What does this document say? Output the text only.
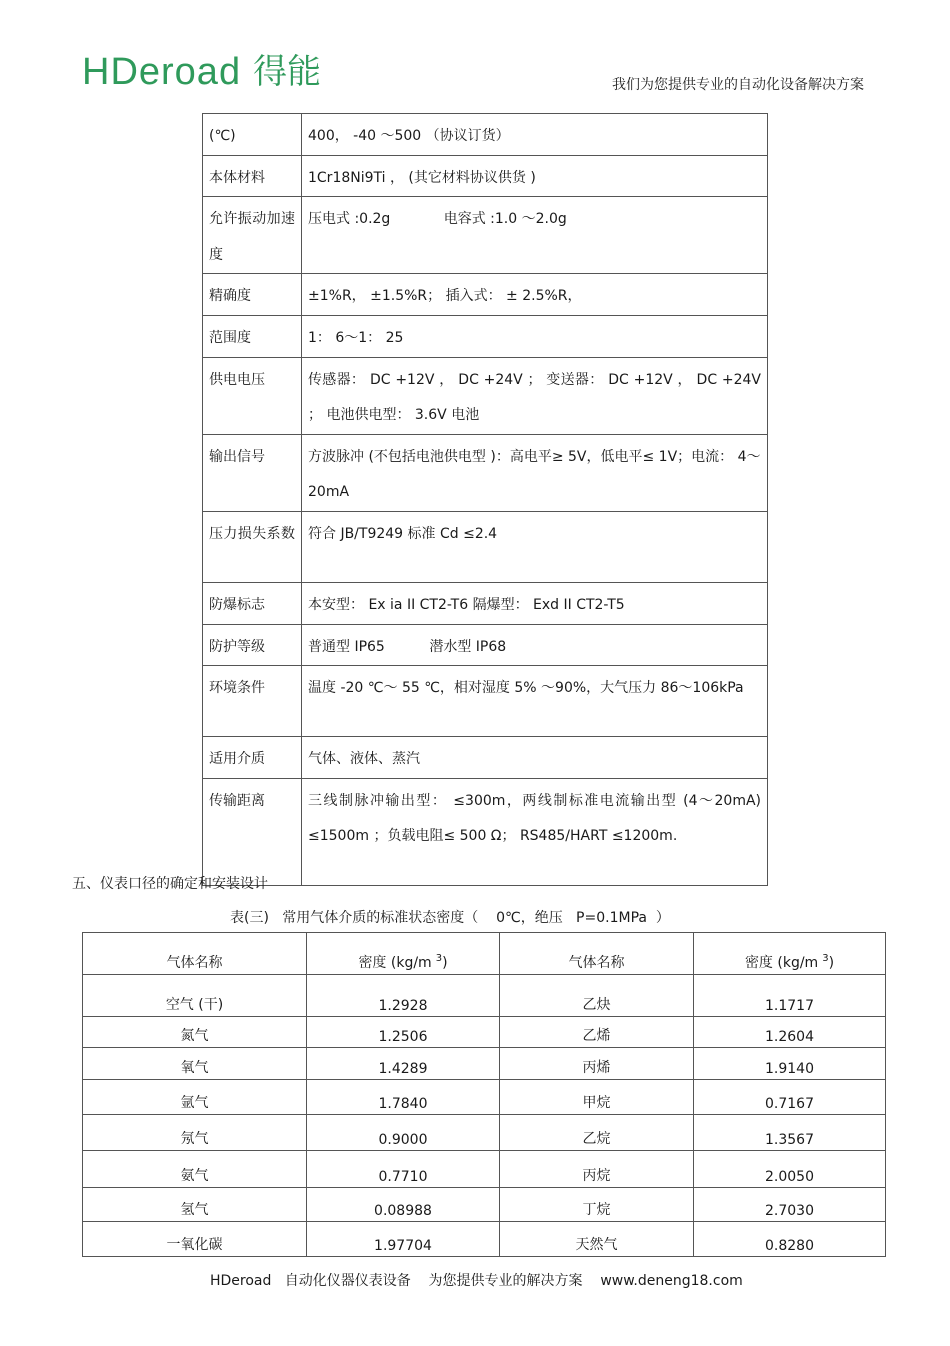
HDeroad 得能	我们为您提供专业的自动化设备解决方案
(℃)	400， -40 ～500 （协议订货）
本体材料	1Cr18Ni9Ti ， (其它材料协议供货 )
允许振动加速度	压电式 :0.2g            电容式 :1.0 ～2.0g
精确度	±1%R， ±1.5%R； 插入式： ± 2.5%R，
范围度	1： 6～1： 25
供电电压	传感器： DC +12V ， DC +24V ； 变送器： DC +12V ， DC +24V ； 电池供电型： 3.6V 电池
输出信号	方波脉冲 (不包括电池供电型 )：高电平≥ 5V，低电平≤ 1V；电流： 4～20mA
压力损失系数	符合 JB/T9249 标准 Cd ≤2.4
防爆标志	本安型： Ex ia II CT2-T6 隔爆型： Exd II CT2-T5
防护等级	普通型 IP65          潜水型 IP68
环境条件	温度 -20 ℃～ 55 ℃，相对湿度 5% ～90%，大气压力 86～106kPa
适用介质	气体、液体、蒸汽
传输距离	三线制脉冲输出型： ≤300m，两线制标准电流输出型 (4～20mA) ≤1500m ；负载电阻≤ 500 Ω； RS485/HART ≤1200m.
五、仪表口径的确定和安装设计
表(三)   常用气体介质的标准状态密度（    0℃，绝压   P=0.1MPa  ）
气体名称	密度 (kg/m $^3$)	气体名称	密度 (kg/m $^3$)
空气 (干)	1.2928	乙炔	1.1717
氮气	1.2506	乙烯	1.2604
氧气	1.4289	丙烯	1.9140
氩气	1.7840	甲烷	0.7167
氖气	0.9000	乙烷	1.3567
氨气	0.7710	丙烷	2.0050
氢气	0.08988	丁烷	2.7030
一氧化碳	1.97704	天然气	0.8280
HDeroad   自动化仪器仪表设备    为您提供专业的解决方案    www.deneng18.com
